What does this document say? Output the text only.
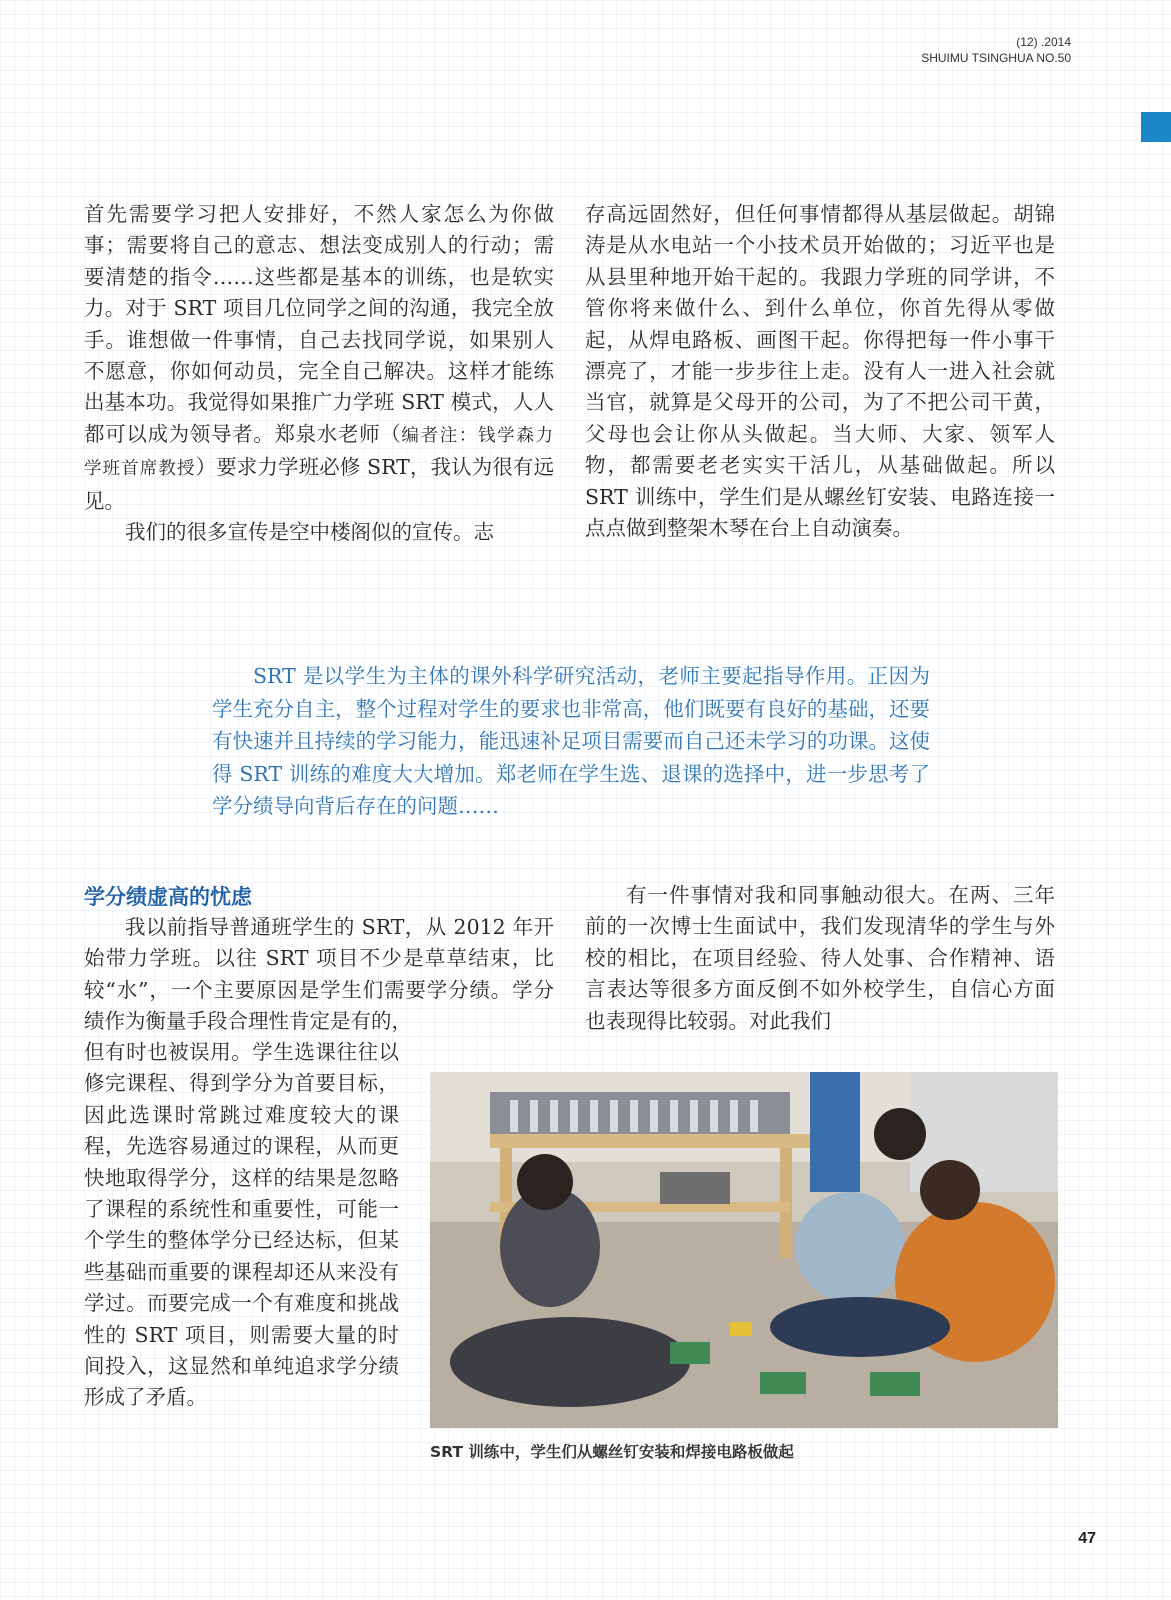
(12) .2014
SHUIMU TSINGHUA NO.50

首先需要学习把人安排好，不然人家怎么为你做事；需要将自己的意志、想法变成别人的行动；需要清楚的指令……这些都是基本的训练，也是软实力。对于 SRT 项目几位同学之间的沟通，我完全放手。谁想做一件事情，自己去找同学说，如果别人不愿意，你如何动员，完全自己解决。这样才能练出基本功。我觉得如果推广力学班 SRT 模式，人人都可以成为领导者。郑泉水老师（编者注：钱学森力学班首席教授）要求力学班必修 SRT，我认为很有远见。

我们的很多宣传是空中楼阁似的宣传。志

存高远固然好，但任何事情都得从基层做起。胡锦涛是从水电站一个小技术员开始做的；习近平也是从县里种地开始干起的。我跟力学班的同学讲，不管你将来做什么、到什么单位，你首先得从零做起，从焊电路板、画图干起。你得把每一件小事干漂亮了，才能一步步往上走。没有人一进入社会就当官，就算是父母开的公司，为了不把公司干黄，父母也会让你从头做起。当大师、大家、领军人物，都需要老老实实干活儿，从基础做起。所以 SRT 训练中，学生们是从螺丝钉安装、电路连接一点点做到整架木琴在台上自动演奏。

SRT 是以学生为主体的课外科学研究活动，老师主要起指导作用。正因为学生充分自主，整个过程对学生的要求也非常高，他们既要有良好的基础，还要有快速并且持续的学习能力，能迅速补足项目需要而自己还未学习的功课。这使得 SRT 训练的难度大大增加。郑老师在学生选、退课的选择中，进一步思考了学分绩导向背后存在的问题……
学分绩虚高的忧虑

我以前指导普通班学生的 SRT，从 2012 年开始带力学班。以往 SRT 项目不少是草草结束，比较“水”，一个主要原因是学生们需要学分绩。学分绩作为衡量手段合理性肯定是有的，

但有时也被误用。学生选课往往以修完课程、得到学分为首要目标，因此选课时常跳过难度较大的课程，先选容易通过的课程，从而更快地取得学分，这样的结果是忽略了课程的系统性和重要性，可能一个学生的整体学分已经达标，但某些基础而重要的课程却还从来没有学过。而要完成一个有难度和挑战性的 SRT 项目，则需要大量的时间投入，这显然和单纯追求学分绩形成了矛盾。

有一件事情对我和同事触动很大。在两、三年前的一次博士生面试中，我们发现清华的学生与外校的相比，在项目经验、待人处事、合作精神、语言表达等很多方面反倒不如外校学生，自信心方面也表现得比较弱。对此我们

SRT 训练中，学生们从螺丝钉安装和焊接电路板做起
47
